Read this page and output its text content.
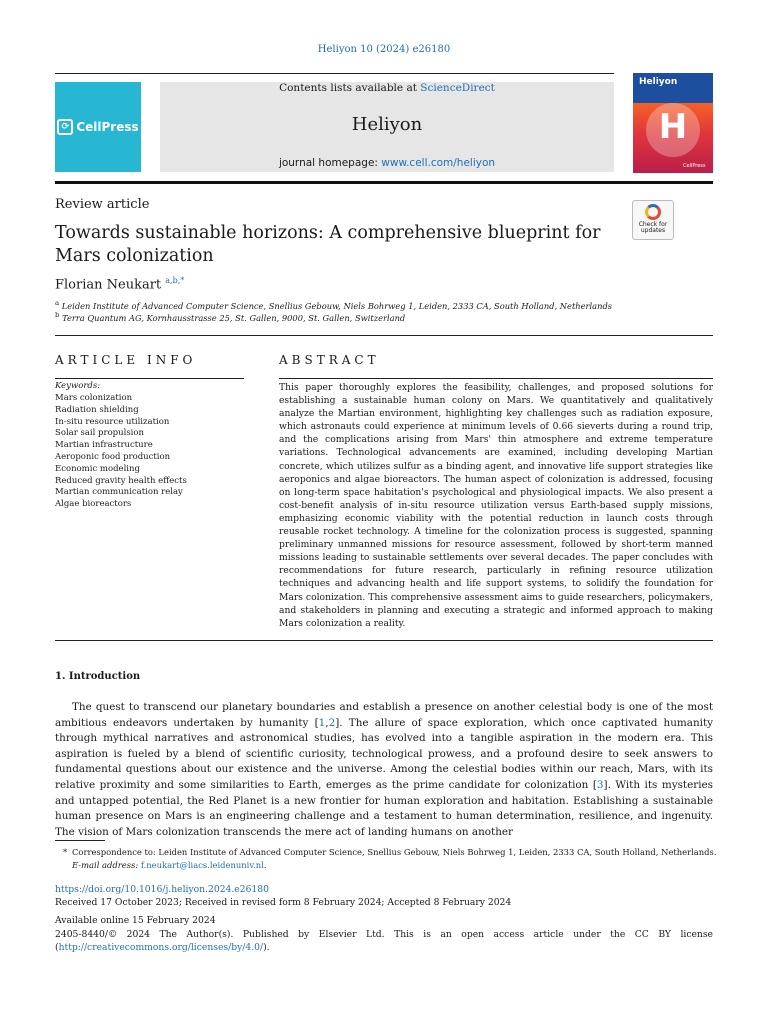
Heliyon 10 (2024) e26180
⟳ CellPress
Contents lists available at ScienceDirect
Heliyon
journal homepage: www.cell.com/heliyon
Heliyon
H
CellPress
Review article
Check for updates
Towards sustainable horizons: A comprehensive blueprint for Mars colonization
Florian Neukart $^{a,b,*}$
$^a$ Leiden Institute of Advanced Computer Science, Snellius Gebouw, Niels Bohrweg 1, Leiden, 2333 CA, South Holland, Netherlands
$^b$ Terra Quantum AG, Kornhausstrasse 25, St. Gallen, 9000, St. Gallen, Switzerland
ARTICLE INFO
Keywords:
Mars colonization
Radiation shielding
In-situ resource utilization
Solar sail propulsion
Martian infrastructure
Aeroponic food production
Economic modeling
Reduced gravity health effects
Martian communication relay
Algae bioreactors
ABSTRACT

This paper thoroughly explores the feasibility, challenges, and proposed solutions for establishing a sustainable human colony on Mars. We quantitatively and qualitatively analyze the Martian environment, highlighting key challenges such as radiation exposure, which astronauts could experience at minimum levels of 0.66 sieverts during a round trip, and the complications arising from Mars' thin atmosphere and extreme temperature variations. Technological advancements are examined, including developing Martian concrete, which utilizes sulfur as a binding agent, and innovative life support strategies like aeroponics and algae bioreactors. The human aspect of colonization is addressed, focusing on long-term space habitation's psychological and physiological impacts. We also present a cost-benefit analysis of in-situ resource utilization versus Earth-based supply missions, emphasizing economic viability with the potential reduction in launch costs through reusable rocket technology. A timeline for the colonization process is suggested, spanning preliminary unmanned missions for resource assessment, followed by short-term manned missions leading to sustainable settlements over several decades. The paper concludes with recommendations for future research, particularly in refining resource utilization techniques and advancing health and life support systems, to solidify the foundation for Mars colonization. This comprehensive assessment aims to guide researchers, policymakers, and stakeholders in planning and executing a strategic and informed approach to making Mars colonization a reality.

1. Introduction

The quest to transcend our planetary boundaries and establish a presence on another celestial body is one of the most ambitious endeavors undertaken by humanity [1,2]. The allure of space exploration, which once captivated humanity through mythical narratives and astronomical studies, has evolved into a tangible aspiration in the modern era. This aspiration is fueled by a blend of scientific curiosity, technological prowess, and a profound desire to seek answers to fundamental questions about our existence and the universe. Among the celestial bodies within our reach, Mars, with its relative proximity and some similarities to Earth, emerges as the prime candidate for colonization [3]. With its mysteries and untapped potential, the Red Planet is a new frontier for human exploration and habitation. Establishing a sustainable human presence on Mars is an engineering challenge and a testament to human determination, resilience, and ingenuity. The vision of Mars colonization transcends the mere act of landing humans on another

* Correspondence to: Leiden Institute of Advanced Computer Science, Snellius Gebouw, Niels Bohrweg 1, Leiden, 2333 CA, South Holland, Netherlands.
E-mail address: f.neukart@liacs.leidenuniv.nl.
https://doi.org/10.1016/j.heliyon.2024.e26180
Received 17 October 2023; Received in revised form 8 February 2024; Accepted 8 February 2024
Available online 15 February 2024
2405-8440/© 2024 The Author(s). Published by Elsevier Ltd. This is an open access article under the CC BY license (http://creativecommons.org/licenses/by/4.0/).
